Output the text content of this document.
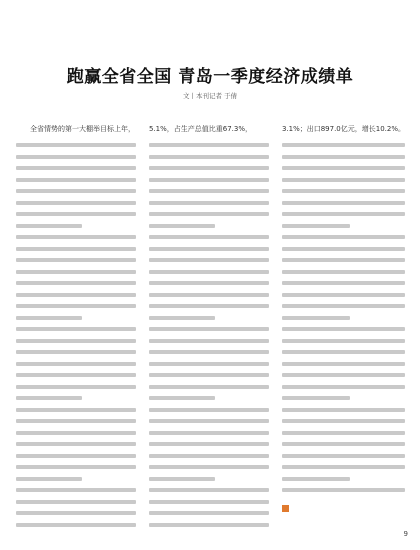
跑赢全省全国 青岛一季度经济成绩单
文丨本刊记者 于倩
全省情势的第一大棚举目标上年， 5.1%，占生产总值比重67.3%，	3.1%；出口897.0亿元，增长10.2%。
9
